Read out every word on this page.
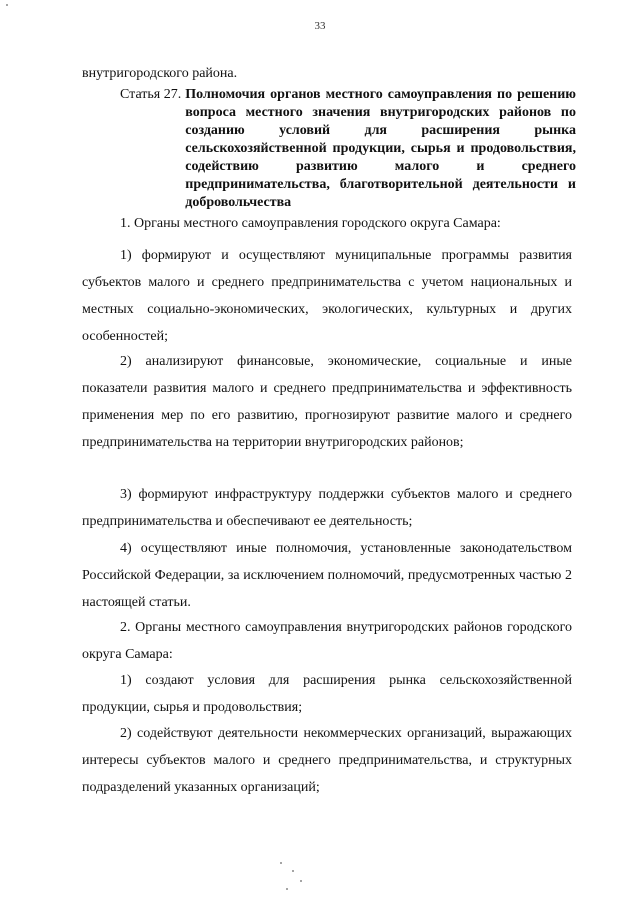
33

внутригородского района.

Статья 27. Полномочия органов местного самоуправления по решению вопроса местного значения внутригородских районов по созданию условий для расширения рынка сельскохозяйственной продукции, сырья и продовольствия, содействию развитию малого и среднего предпринимательства, благотворительной деятельности и добровольчества

1. Органы местного самоуправления городского округа Самара:

1) формируют и осуществляют муниципальные программы развития субъектов малого и среднего предпринимательства с учетом национальных и местных социально-экономических, экологических, культурных и других особенностей;

2) анализируют финансовые, экономические, социальные и иные показатели развития малого и среднего предпринимательства и эффективность применения мер по его развитию, прогнозируют развитие малого и среднего предпринимательства на территории внутригородских районов;

3) формируют инфраструктуру поддержки субъектов малого и среднего предпринимательства и обеспечивают ее деятельность;

4) осуществляют иные полномочия, установленные законодательством Российской Федерации, за исключением полномочий, предусмотренных частью 2 настоящей статьи.

2. Органы местного самоуправления внутригородских районов городского округа Самара:

1) создают условия для расширения рынка сельскохозяйственной продукции, сырья и продовольствия;

2) содействуют деятельности некоммерческих организаций, выражающих интересы субъектов малого и среднего предпринимательства, и структурных подразделений указанных организаций;
